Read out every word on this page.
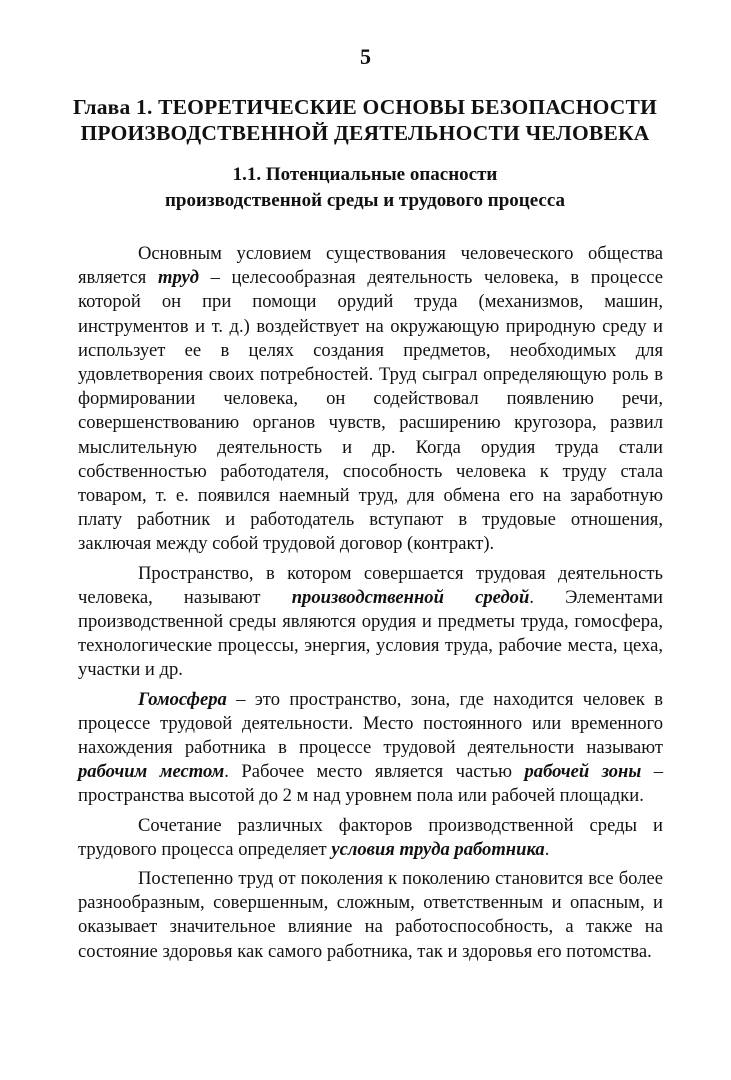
5
Глава 1. ТЕОРЕТИЧЕСКИЕ ОСНОВЫ БЕЗОПАСНОСТИ
ПРОИЗВОДСТВЕННОЙ ДЕЯТЕЛЬНОСТИ ЧЕЛОВЕКА
1.1. Потенциальные опасности
производственной среды и трудового процесса

Основным условием существования человеческого общества является труд – целесообразная деятельность человека, в процессе которой он при помощи орудий труда (механизмов, машин, инструментов и т. д.) воздействует на окружающую природную среду и использует ее в целях создания предметов, необходимых для удовлетворения своих потребностей. Труд сыграл определяющую роль в формировании человека, он содействовал появлению речи, совершенствованию органов чувств, расширению кругозора, развил мыслительную деятельность и др. Когда орудия труда стали собственностью работодателя, способность человека к труду стала товаром, т. е. появился наемный труд, для обмена его на заработную плату работник и работодатель вступают в трудовые отношения, заключая между собой трудовой договор (контракт).

Пространство, в котором совершается трудовая деятельность человека, называют производственной средой. Элементами производственной среды являются орудия и предметы труда, гомосфера, технологические процессы, энергия, условия труда, рабочие места, цеха, участки и др.

Гомосфера – это пространство, зона, где находится человек в процессе трудовой деятельности. Место постоянного или временного нахождения работника в процессе трудовой деятельности называют рабочим местом. Рабочее место является частью рабочей зоны – пространства высотой до 2 м над уровнем пола или рабочей площадки.

Сочетание различных факторов производственной среды и трудового процесса определяет условия труда работника.

Постепенно труд от поколения к поколению становится все более разнообразным, совершенным, сложным, ответственным и опасным, и оказывает значительное влияние на работоспособность, а также на состояние здоровья как самого работника, так и здоровья его потомства.
